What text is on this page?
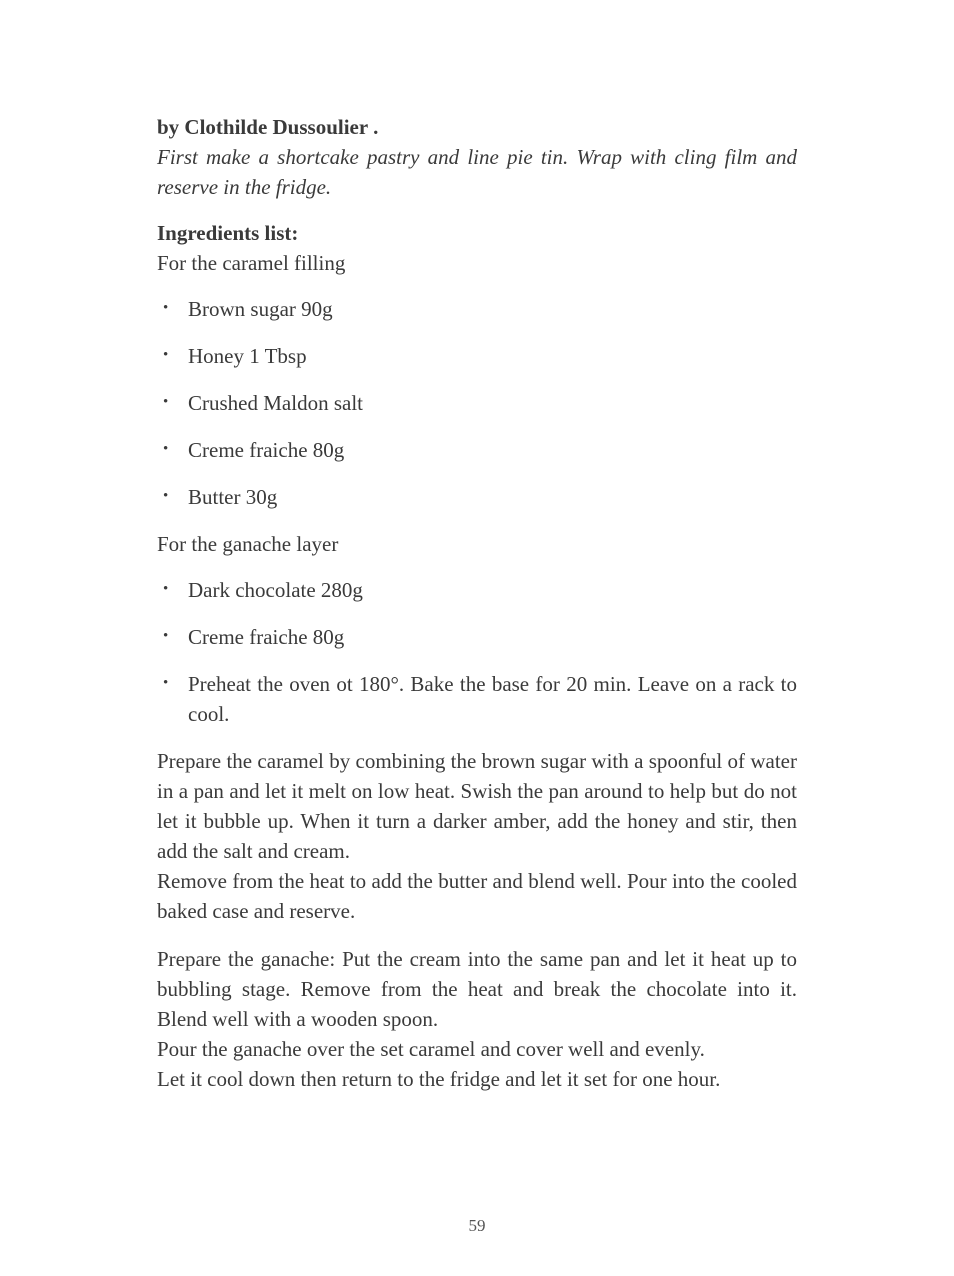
by Clothilde Dussoulier .

First make a shortcake pastry and line pie tin. Wrap with cling film and reserve in the fridge.

Ingredients list:

For the caramel filling

• Brown sugar 90g
• Honey 1 Tbsp
• Crushed Maldon salt
• Creme fraiche 80g
• Butter 30g

For the ganache layer

• Dark chocolate 280g
• Creme fraiche 80g
• Preheat the oven ot 180°. Bake the base for 20 min. Leave on a rack to cool.

Prepare the caramel by combining the brown sugar with a spoonful of water in a pan and let it melt on low heat. Swish the pan around to help but do not let it bubble up. When it turn a darker amber, add the honey and stir, then add the salt and cream.

Remove from the heat to add the butter and blend well. Pour into the cooled baked case and reserve.

Prepare the ganache: Put the cream into the same pan and let it heat up to bubbling stage. Remove from the heat and break the chocolate into it. Blend well with a wooden spoon.

Pour the ganache over the set caramel and cover well and evenly.

Let it cool down then return to the fridge and let it set for one hour.

59
